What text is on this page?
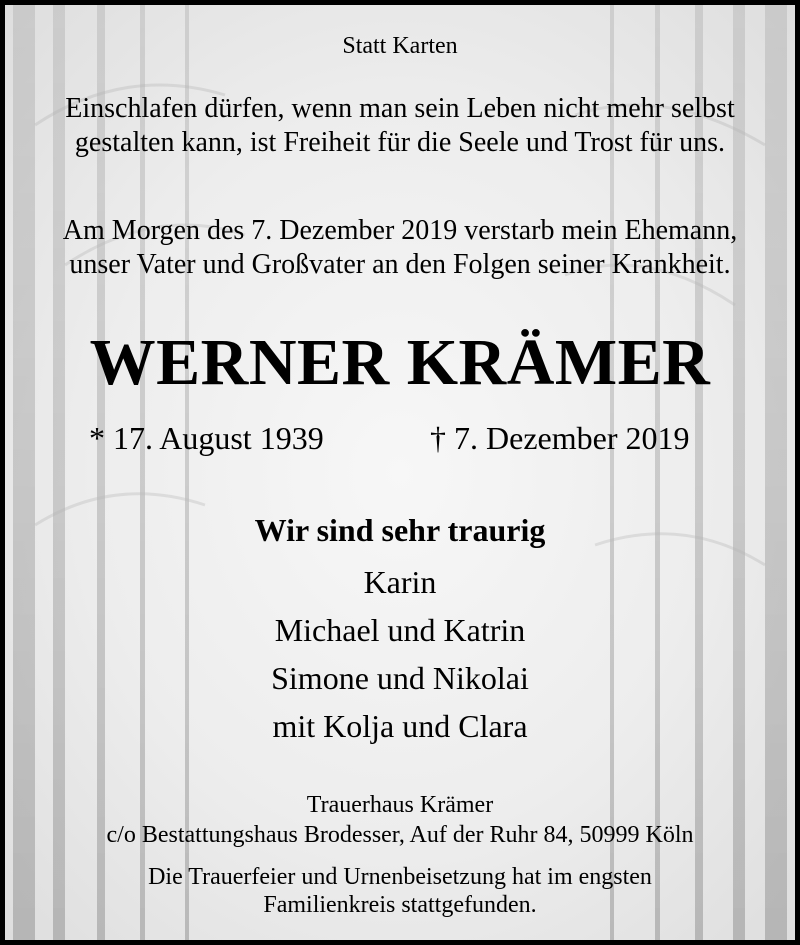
Statt Karten
Einschlafen dürfen, wenn man sein Leben nicht mehr selbst
gestalten kann, ist Freiheit für die Seele und Trost für uns.
Am Morgen des 7. Dezember 2019 verstarb mein Ehemann,
unser Vater und Großvater an den Folgen seiner Krankheit.
WERNER KRÄMER
* 17. August 1939	† 7. Dezember 2019
Wir sind sehr traurig
Karin
Michael und Katrin
Simone und Nikolai
mit Kolja und Clara
Trauerhaus Krämer
c/o Bestattungshaus Brodesser, Auf der Ruhr 84, 50999 Köln
Die Trauerfeier und Urnenbeisetzung hat im engsten
Familienkreis stattgefunden.
